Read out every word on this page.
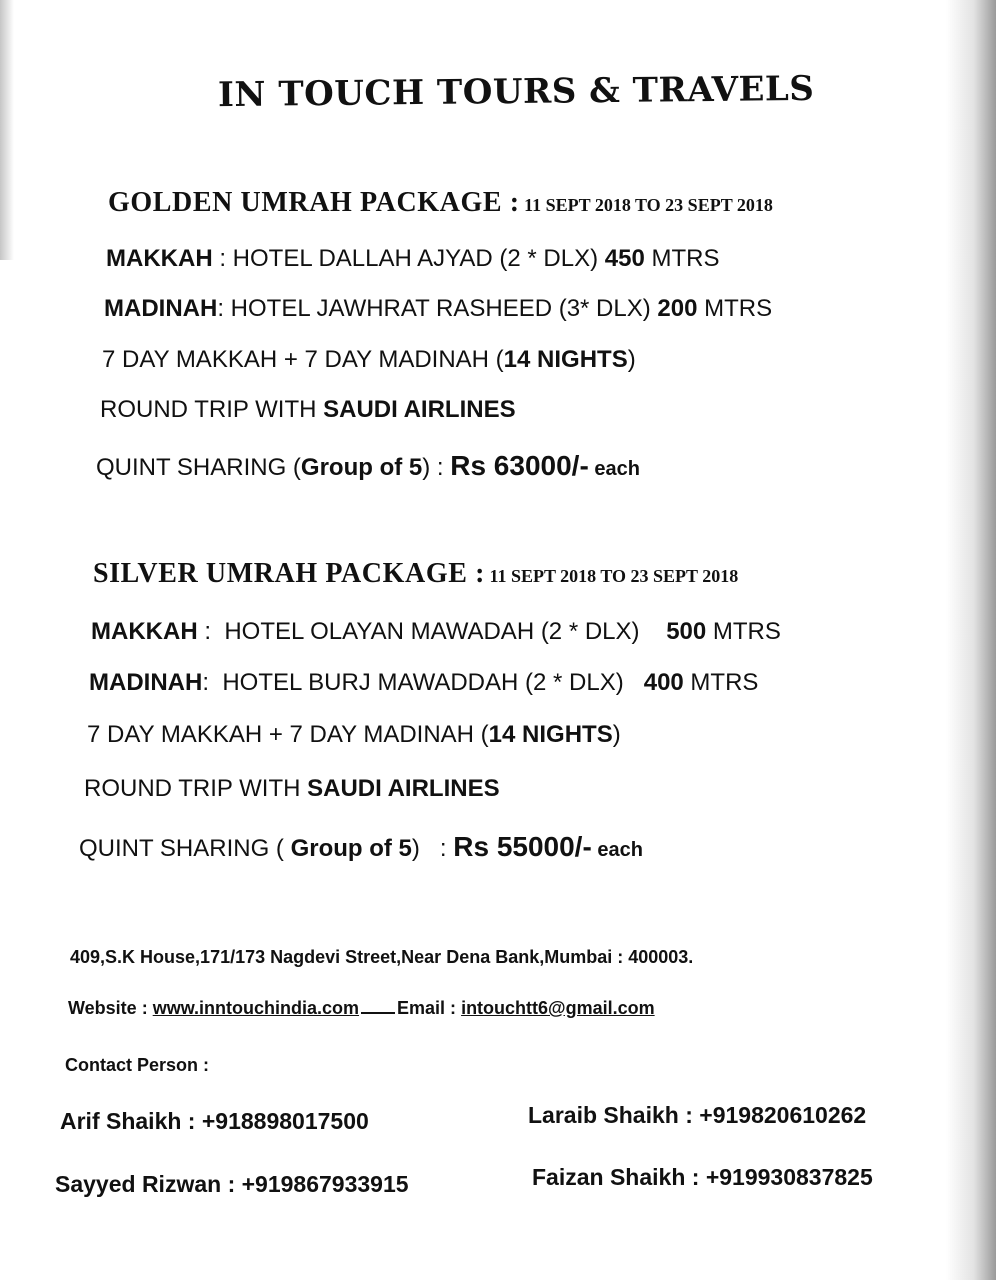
IN TOUCH TOURS & TRAVELS
GOLDEN UMRAH PACKAGE : 11 SEPT 2018 TO 23 SEPT 2018
MAKKAH : HOTEL DALLAH AJYAD (2 * DLX) 450 MTRS
MADINAH: HOTEL JAWHRAT RASHEED (3* DLX) 200 MTRS
7 DAY MAKKAH + 7 DAY MADINAH (14 NIGHTS)
ROUND TRIP WITH SAUDI AIRLINES
QUINT SHARING (Group of 5) : Rs 63000/- each
SILVER UMRAH PACKAGE : 11 SEPT 2018 TO 23 SEPT 2018
MAKKAH :  HOTEL OLAYAN MAWADAH (2 * DLX)    500 MTRS
MADINAH:  HOTEL BURJ MAWADDAH (2 * DLX)   400 MTRS
7 DAY MAKKAH + 7 DAY MADINAH (14 NIGHTS)
ROUND TRIP WITH SAUDI AIRLINES
QUINT SHARING ( Group of 5)   : Rs 55000/- each
409,S.K House,171/173 Nagdevi Street,Near Dena Bank,Mumbai : 400003.
Website : www.inntouchindia.com Email : intouchtt6@gmail.com
Contact Person :
Arif Shaikh : +918898017500	Laraib Shaikh : +919820610262
Sayyed Rizwan : +919867933915	Faizan Shaikh : +919930837825
